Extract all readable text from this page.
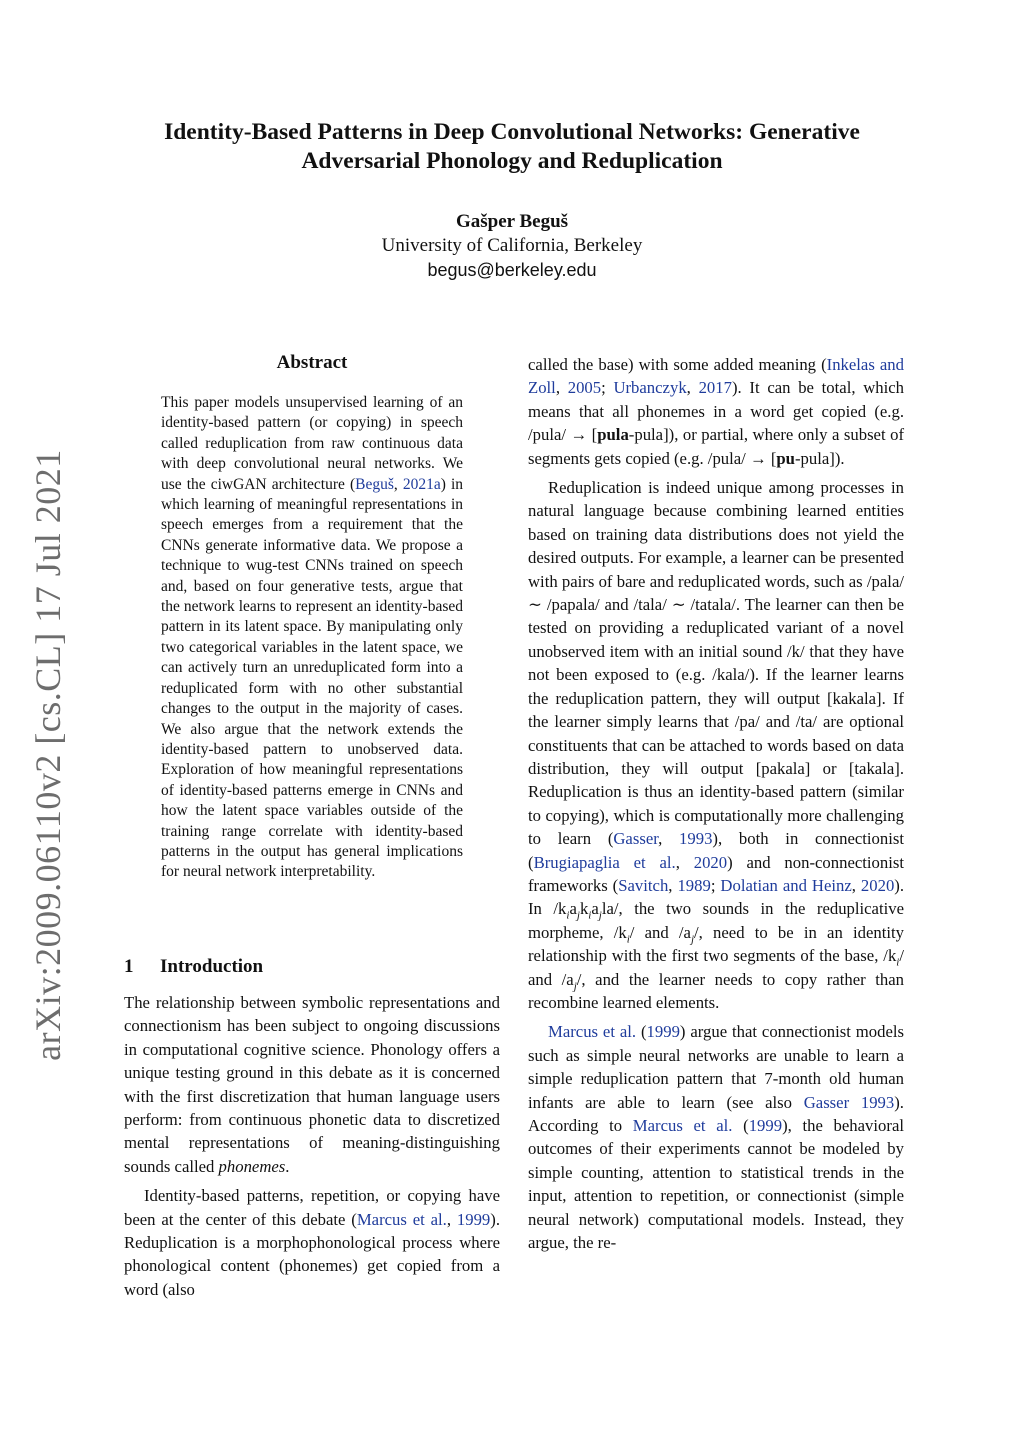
arXiv:2009.06110v2 [cs.CL] 17 Jul 2021
Identity-Based Patterns in Deep Convolutional Networks: Generative
Adversarial Phonology and Reduplication
Gašper Beguš
University of California, Berkeley
begus@berkeley.edu
Abstract
This paper models unsupervised learning of an identity-based pattern (or copying) in speech called reduplication from raw continuous data with deep convolutional neural networks. We use the ciwGAN architecture (Beguš, 2021a) in which learning of meaningful representations in speech emerges from a requirement that the CNNs generate informative data. We propose a technique to wug-test CNNs trained on speech and, based on four generative tests, argue that the network learns to represent an identity-based pattern in its latent space. By manipulating only two categorical variables in the latent space, we can actively turn an unreduplicated form into a reduplicated form with no other substantial changes to the output in the majority of cases. We also argue that the network extends the identity-based pattern to unobserved data. Exploration of how meaningful representations of identity-based patterns emerge in CNNs and how the latent space variables outside of the training range correlate with identity-based patterns in the output has general implications for neural network interpretability.
1 Introduction

The relationship between symbolic representations and connectionism has been subject to ongoing discussions in computational cognitive science. Phonology offers a unique testing ground in this debate as it is concerned with the first discretization that human language users perform: from continuous phonetic data to discretized mental representations of meaning-distinguishing sounds called phonemes.

Identity-based patterns, repetition, or copying have been at the center of this debate (Marcus et al., 1999). Reduplication is a morphophonological process where phonological content (phonemes) get copied from a word (also

called the base) with some added meaning (Inkelas and Zoll, 2005; Urbanczyk, 2017). It can be total, which means that all phonemes in a word get copied (e.g. /pula/ → [pula-pula]), or partial, where only a subset of segments gets copied (e.g. /pula/ → [pu-pula]).

Reduplication is indeed unique among processes in natural language because combining learned entities based on training data distributions does not yield the desired outputs. For example, a learner can be presented with pairs of bare and reduplicated words, such as /pala/ ∼ /papala/ and /tala/ ∼ /tatala/. The learner can then be tested on providing a reduplicated variant of a novel unobserved item with an initial sound /k/ that they have not been exposed to (e.g. /kala/). If the learner learns the reduplication pattern, they will output [kakala]. If the learner simply learns that /pa/ and /ta/ are optional constituents that can be attached to words based on data distribution, they will output [pakala] or [takala]. Reduplication is thus an identity-based pattern (similar to copying), which is computationally more challenging to learn (Gasser, 1993), both in connectionist (Brugiapaglia et al., 2020) and non-connectionist frameworks (Savitch, 1989; Dolatian and Heinz, 2020). In $/k_ia_jk_ia_jla/$, the two sounds in the reduplicative morpheme, $/k_i/$ and $/a_j/$, need to be in an identity relationship with the first two segments of the base, $/k_i/$ and $/a_j/$, and the learner needs to copy rather than recombine learned elements.

Marcus et al. (1999) argue that connectionist models such as simple neural networks are unable to learn a simple reduplication pattern that 7-month old human infants are able to learn (see also Gasser 1993). According to Marcus et al. (1999), the behavioral outcomes of their experiments cannot be modeled by simple counting, attention to statistical trends in the input, attention to repetition, or connectionist (simple neural network) computational models. Instead, they argue, the re-
